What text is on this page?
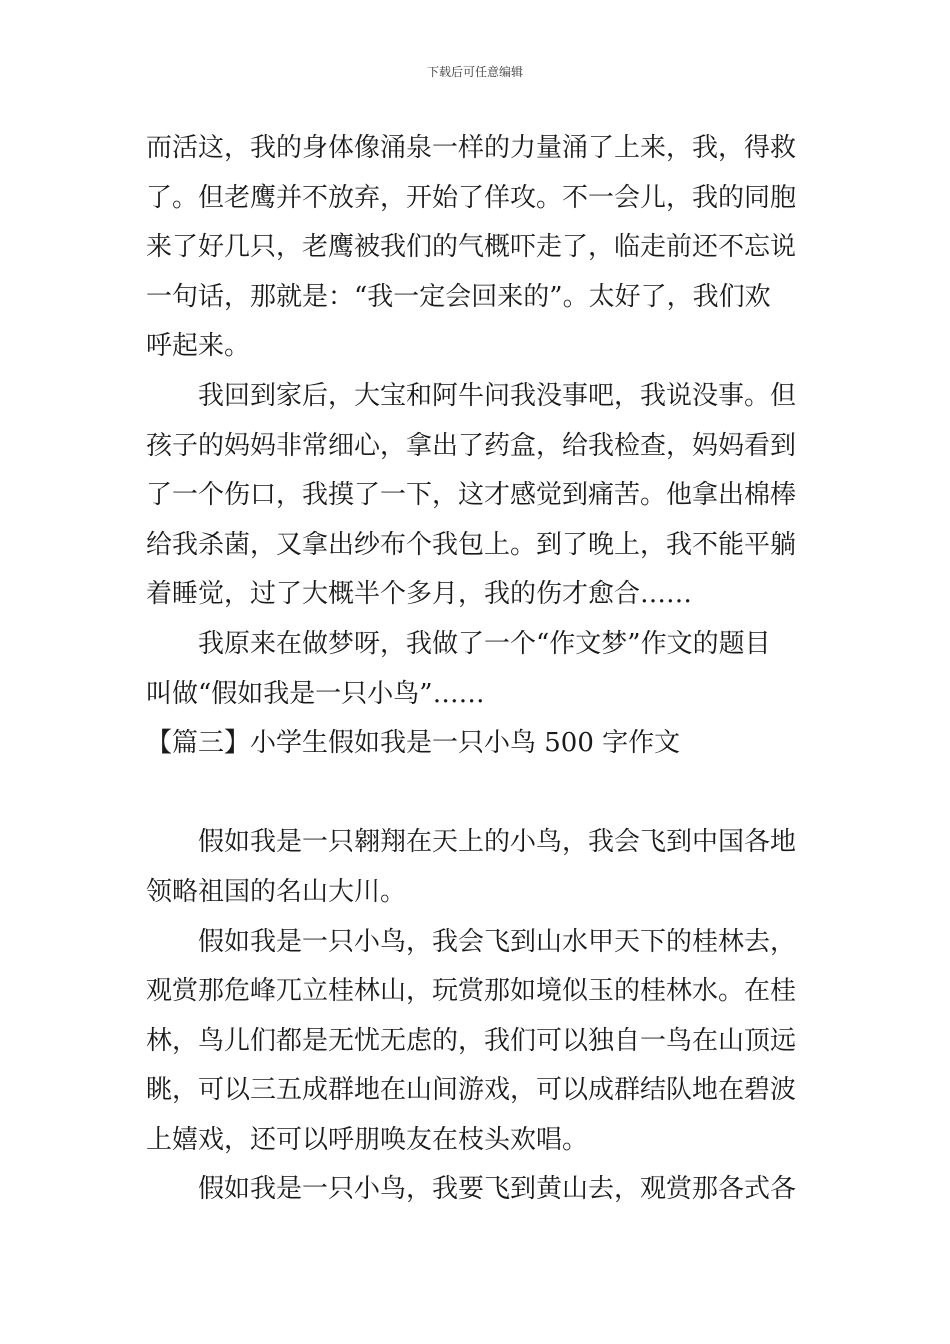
下载后可任意编辑
而活这，我的身体像涌泉一样的力量涌了上来，我，得救
了。但老鹰并不放弃，开始了佯攻。不一会儿，我的同胞
来了好几只，老鹰被我们的气概吓走了，临走前还不忘说
一句话，那就是：“我一定会回来的”。太好了，我们欢
呼起来。
我回到家后，大宝和阿牛问我没事吧，我说没事。但
孩子的妈妈非常细心，拿出了药盒，给我检查，妈妈看到
了一个伤口，我摸了一下，这才感觉到痛苦。他拿出棉棒
给我杀菌，又拿出纱布个我包上。到了晚上，我不能平躺
着睡觉，过了大概半个多月，我的伤才愈合……
我原来在做梦呀，我做了一个“作文梦”作文的题目
叫做“假如我是一只小鸟”……
【篇三】小学生假如我是一只小鸟 500 字作文
假如我是一只翱翔在天上的小鸟，我会飞到中国各地
领略祖国的名山大川。
假如我是一只小鸟，我会飞到山水甲天下的桂林去，
观赏那危峰兀立桂林山，玩赏那如境似玉的桂林水。在桂
林，鸟儿们都是无忧无虑的，我们可以独自一鸟在山顶远
眺，可以三五成群地在山间游戏，可以成群结队地在碧波
上嬉戏，还可以呼朋唤友在枝头欢唱。
假如我是一只小鸟，我要飞到黄山去，观赏那各式各
